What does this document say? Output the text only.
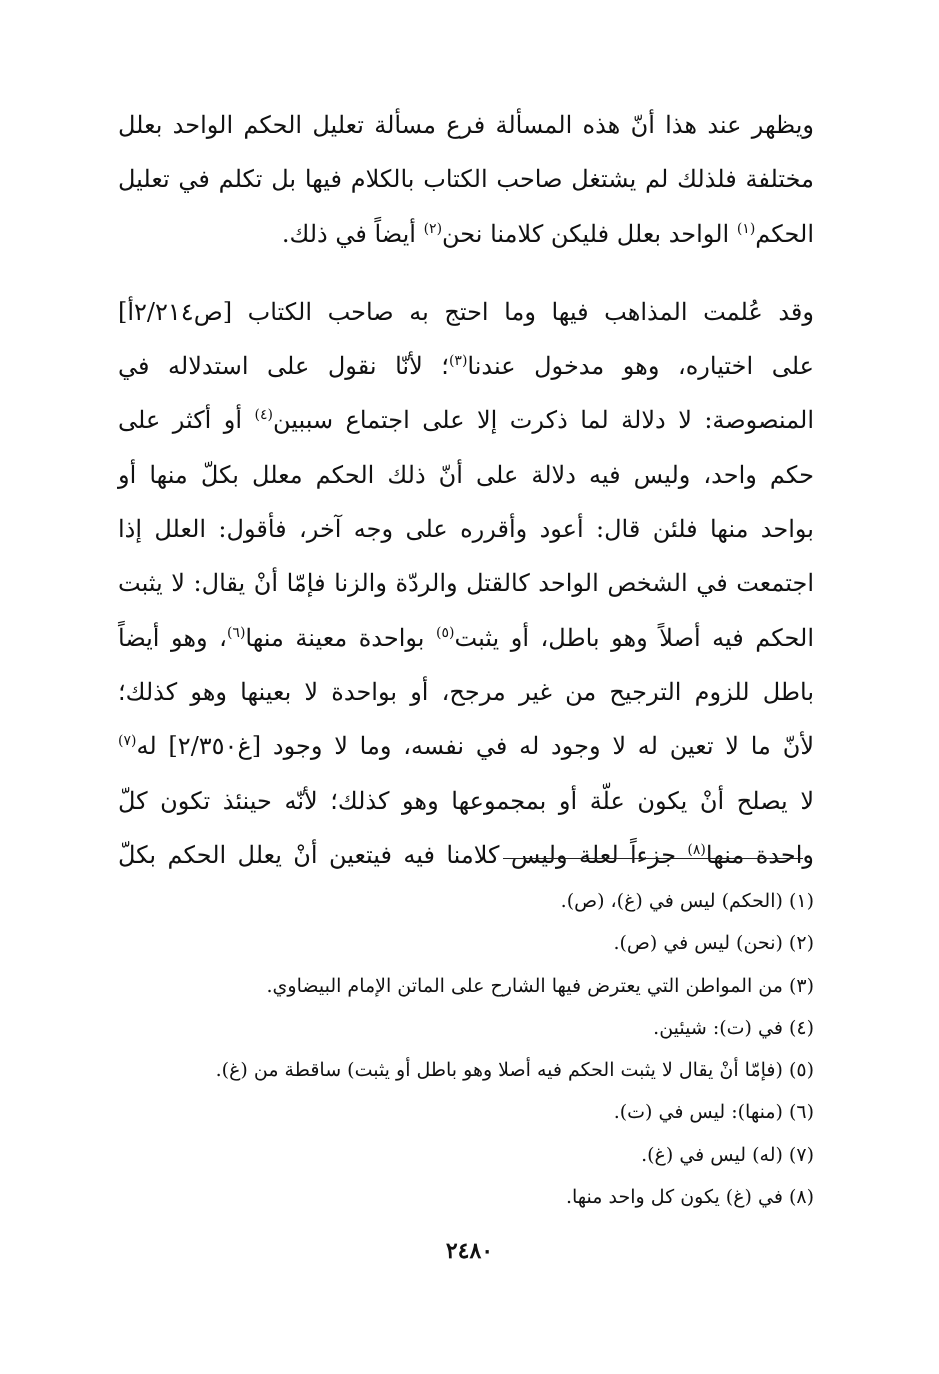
ويظهر عند هذا أنّ هذه المسألة فرع مسألة تعليل الحكم الواحد بعلل
مختلفة فلذلك لم يشتغل صاحب الكتاب بالكلام فيها بل تكلم في تعليل
الحكم$^{(١)}$ الواحد بعلل فليكن كلامنا نحن$^{(٢)}$ أيضاً في ذلك.

وقد عُلمت المذاهب فيها وما احتج به صاحب الكتاب [ص٢/٢١٤أ]
على اختياره، وهو مدخول عندنا$^{(٣)}$؛ لأنّا نقول على استدلاله في
المنصوصة: لا دلالة لما ذكرت إلا على اجتماع سببين$^{(٤)}$ أو أكثر على
حكم واحد، وليس فيه دلالة على أنّ ذلك الحكم معلل بكلّ منها أو
بواحد منها فلئن قال: أعود وأقرره على وجه آخر، فأقول: العلل إذا
اجتمعت في الشخص الواحد كالقتل والردّة والزنا فإمّا أنْ يقال: لا يثبت
الحكم فيه أصلاً وهو باطل، أو يثبت$^{(٥)}$ بواحدة معينة منها$^{(٦)}$، وهو أيضاً
باطل للزوم الترجيح من غير مرجح، أو بواحدة لا بعينها وهو كذلك؛
لأنّ ما لا تعين له لا وجود له في نفسه، وما لا وجود [غ٢/٣٥٠] له$^{(٧)}$
لا يصلح أنْ يكون علّة أو بمجموعها وهو كذلك؛ لأنّه حينئذ تكون كلّ
واحدة منها$^{(٨)}$ جزءاً لعلة وليس كلامنا فيه فيتعين أنْ يعلل الحكم بكلّ

(١) (الحكم) ليس في (غ)، (ص).
(٢) (نحن) ليس في (ص).
(٣) من المواطن التي يعترض فيها الشارح على الماتن الإمام البيضاوي.
(٤) في (ت): شيئين.
(٥) (فإمّا أنْ يقال لا يثبت الحكم فيه أصلا وهو باطل أو يثبت) ساقطة من (غ).
(٦) (منها): ليس في (ت).
(٧) (له) ليس في (غ).
(٨) في (غ) يكون كل واحد منها.
٢٤٨٠
